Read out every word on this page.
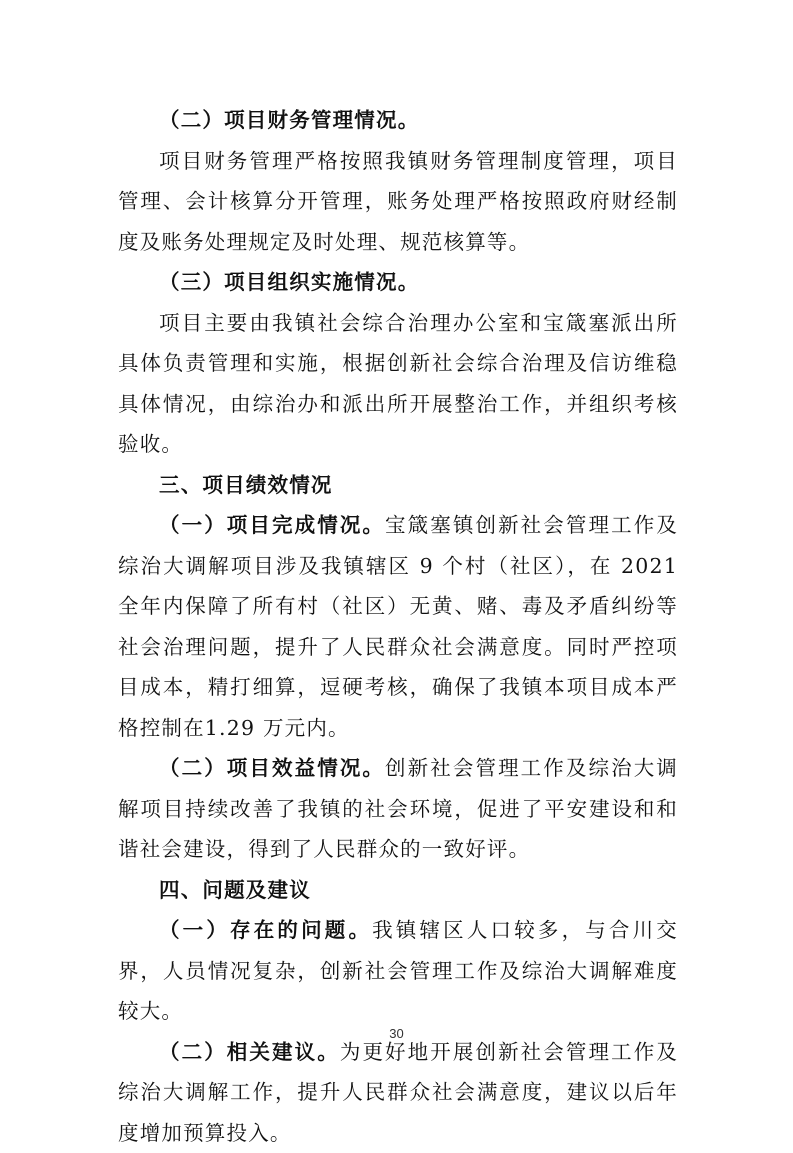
（二）项目财务管理情况。

项目财务管理严格按照我镇财务管理制度管理，项目管理、会计核算分开管理，账务处理严格按照政府财经制度及账务处理规定及时处理、规范核算等。

（三）项目组织实施情况。

项目主要由我镇社会综合治理办公室和宝箴塞派出所具体负责管理和实施，根据创新社会综合治理及信访维稳具体情况，由综治办和派出所开展整治工作，并组织考核验收。

三、项目绩效情况

（一）项目完成情况。宝箴塞镇创新社会管理工作及综治大调解项目涉及我镇辖区 9 个村（社区），在 2021 全年内保障了所有村（社区）无黄、赌、毒及矛盾纠纷等社会治理问题，提升了人民群众社会满意度。同时严控项目成本，精打细算，逗硬考核，确保了我镇本项目成本严格控制在1.29 万元内。

（二）项目效益情况。创新社会管理工作及综治大调解项目持续改善了我镇的社会环境，促进了平安建设和和谐社会建设，得到了人民群众的一致好评。

四、问题及建议

（一）存在的问题。我镇辖区人口较多，与合川交界，人员情况复杂，创新社会管理工作及综治大调解难度较大。

（二）相关建议。为更好地开展创新社会管理工作及综治大调解工作，提升人民群众社会满意度，建议以后年度增加预算投入。

30
